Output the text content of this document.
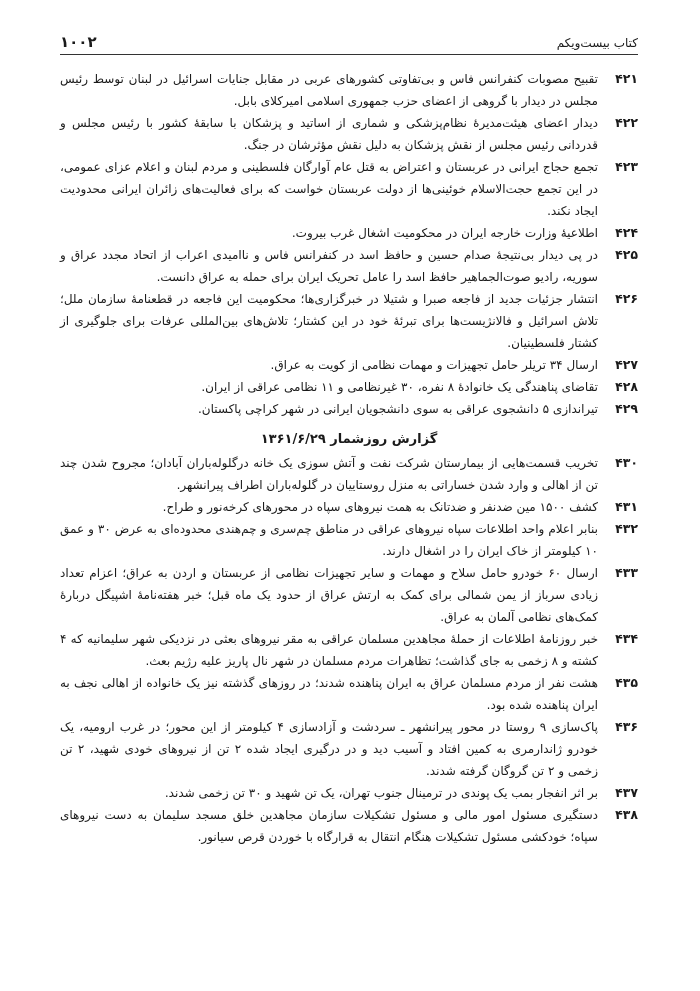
۱۰۰۲	کتاب بیست‌ویکم
۴۲۱
تقبیح مصوبات کنفرانس فاس و بی‌تفاوتی کشورهای عربی در مقابل جنایات اسرائیل در لبنان توسط رئیس مجلس در دیدار با گروهی از اعضای حزب جمهوری اسلامی امیرکلای بابل.
۴۲۲
دیدار اعضای هیئت‌مدیرهٔ نظام‌پزشکی و شماری از اساتید و پزشکان با سابقهٔ کشور با رئیس مجلس و قدردانی رئیس مجلس از نقش پزشکان به دلیل نقش مؤثرشان در جنگ.
۴۲۳
تجمع حجاج ایرانی در عربستان و اعتراض به قتل عام آوارگان فلسطینی و مردم لبنان و اعلام عزای عمومی، در این تجمع حجت‌الاسلام خوئینی‌ها از دولت عربستان خواست که برای فعالیت‌های زائران ایرانی محدودیت ایجاد نکند.
۴۲۴
اطلاعیهٔ وزارت خارجه ایران در محکومیت اشغال غرب بیروت.
۴۲۵
در پی دیدار بی‌نتیجهٔ صدام حسین و حافظ اسد در کنفرانس فاس و ناامیدی اعراب از اتحاد مجدد عراق و سوریه، رادیو صوت‌الجماهیر حافظ اسد را عامل تحریک ایران برای حمله به عراق دانست.
۴۲۶
انتشار جزئیات جدید از فاجعه صبرا و شتیلا در خبرگزاری‌ها؛ محکومیت این فاجعه در قطعنامهٔ سازمان ملل؛ تلاش اسرائیل و فالانژیست‌ها برای تبرئهٔ خود در این کشتار؛ تلاش‌های بین‌المللی عرفات برای جلوگیری از کشتار فلسطینیان.
۴۲۷
ارسال ۳۴ تریلر حامل تجهیزات و مهمات نظامی از کویت به عراق.
۴۲۸
تقاضای پناهندگی یک خانوادهٔ ۸ نفره، ۳۰ غیرنظامی و ۱۱ نظامی عراقی از ایران.
۴۲۹
تیراندازی ۵ دانشجوی عراقی به سوی دانشجویان ایرانی در شهر کراچی پاکستان.
گزارش روزشمار ۱۳۶۱/۶/۲۹
۴۳۰
تخریب قسمت‌هایی از بیمارستان شرکت نفت و آتش سوزی یک خانه درگلوله‌باران آبادان؛ مجروح شدن چند تن از اهالی و وارد شدن خساراتی به منزل روستاییان در گلوله‌باران اطراف پیرانشهر.
۴۳۱
کشف ۱۵۰۰ مین ضدنفر و ضدتانک به همت نیروهای سپاه در محورهای کرخه‌نور و طراح.
۴۳۲
بنابر اعلام واحد اطلاعات سپاه نیروهای عراقی در مناطق چم‌سری و چم‌هندی محدوده‌ای به عرض ۳۰ و عمق ۱۰ کیلومتر از خاک ایران را در اشغال دارند.
۴۳۳
ارسال ۶۰ خودرو حامل سلاح و مهمات و سایر تجهیزات نظامی از عربستان و اردن به عراق؛ اعزام تعداد زیادی سرباز از یمن شمالی برای کمک به ارتش عراق از حدود یک ماه قبل؛ خبر هفته‌نامهٔ اشپیگل دربارهٔ کمک‌های نظامی آلمان به عراق.
۴۳۴
خبر روزنامهٔ اطلاعات از حملهٔ مجاهدین مسلمان عراقی به مقر نیروهای بعثی در نزدیکی شهر سلیمانیه که ۴ کشته و ۸ زخمی به جای گذاشت؛ تظاهرات مردم مسلمان در شهر نال پاریز علیه رژیم بعث.
۴۳۵
هشت نفر از مردم مسلمان عراق به ایران پناهنده شدند؛ در روزهای گذشته نیز یک خانواده از اهالی نجف به ایران پناهنده شده بود.
۴۳۶
پاک‌سازی ۹ روستا در محور پیرانشهر ـ سردشت و آزادسازی ۴ کیلومتر از این محور؛ در غرب ارومیه، یک خودرو ژاندارمری به کمین افتاد و آسیب دید و در درگیری ایجاد شده ۲ تن از نیروهای خودی شهید، ۲ تن زخمی و ۲ تن گروگان گرفته شدند.
۴۳۷
بر اثر انفجار بمب یک پوندی در ترمینال جنوب تهران، یک تن شهید و ۳۰ تن زخمی شدند.
۴۳۸
دستگیری مسئول امور مالی و مسئول تشکیلات سازمان مجاهدین خلق مسجد سلیمان به دست نیروهای سپاه؛ خودکشی مسئول تشکیلات هنگام انتقال به قرارگاه با خوردن قرص سیانور.
